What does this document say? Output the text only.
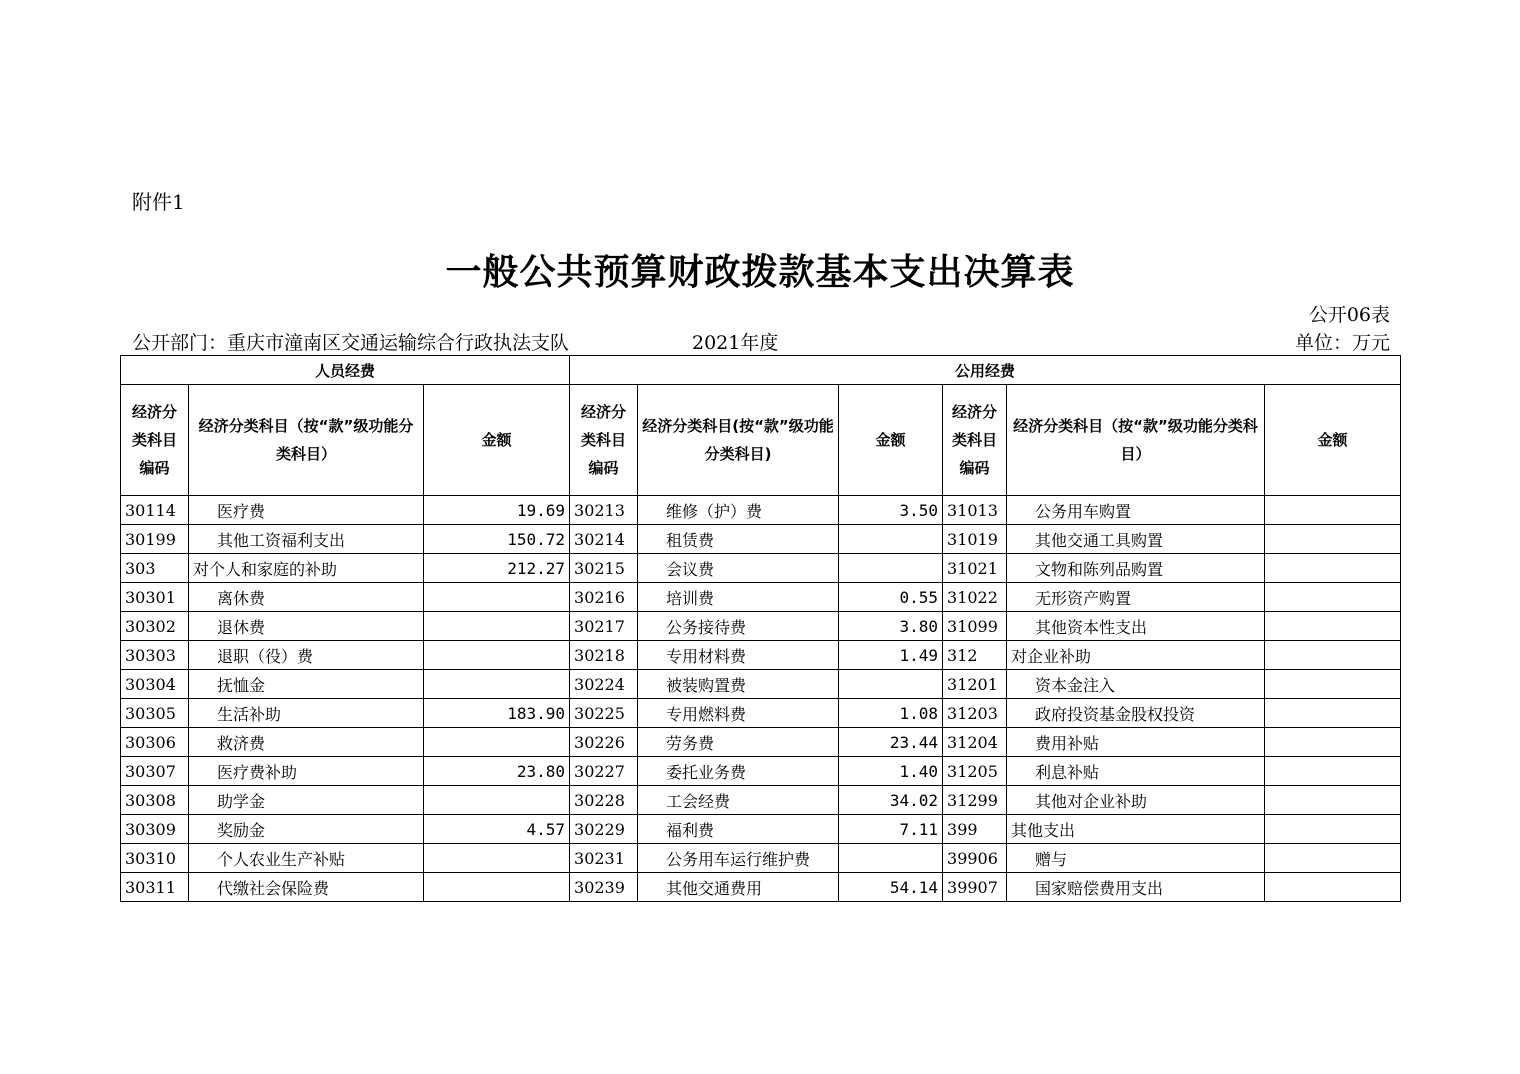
附件1
一般公共预算财政拨款基本支出决算表
公开06表
公开部门：重庆市潼南区交通运输综合行政执法支队	2021年度	单位：万元
人员经费			公用经费					
经济分类科目编码	经济分类科目（按“款”级功能分类科目）	金额	经济分类科目编码	经济分类科目(按“款”级功能分类科目)	金额	经济分类科目编码	经济分类科目（按“款”级功能分类科目）	金额
30114	医疗费	19.69	30213	维修（护）费	3.50	31013	公务用车购置	
30199	其他工资福利支出	150.72	30214	租赁费		31019	其他交通工具购置	
303	对个人和家庭的补助	212.27	30215	会议费		31021	文物和陈列品购置	
30301	离休费		30216	培训费	0.55	31022	无形资产购置	
30302	退休费		30217	公务接待费	3.80	31099	其他资本性支出	
30303	退职（役）费		30218	专用材料费	1.49	312	对企业补助	
30304	抚恤金		30224	被装购置费		31201	资本金注入	
30305	生活补助	183.90	30225	专用燃料费	1.08	31203	政府投资基金股权投资	
30306	救济费		30226	劳务费	23.44	31204	费用补贴	
30307	医疗费补助	23.80	30227	委托业务费	1.40	31205	利息补贴	
30308	助学金		30228	工会经费	34.02	31299	其他对企业补助	
30309	奖励金	4.57	30229	福利费	7.11	399	其他支出	
30310	个人农业生产补贴		30231	公务用车运行维护费		39906	赠与	
30311	代缴社会保险费		30239	其他交通费用	54.14	39907	国家赔偿费用支出	
